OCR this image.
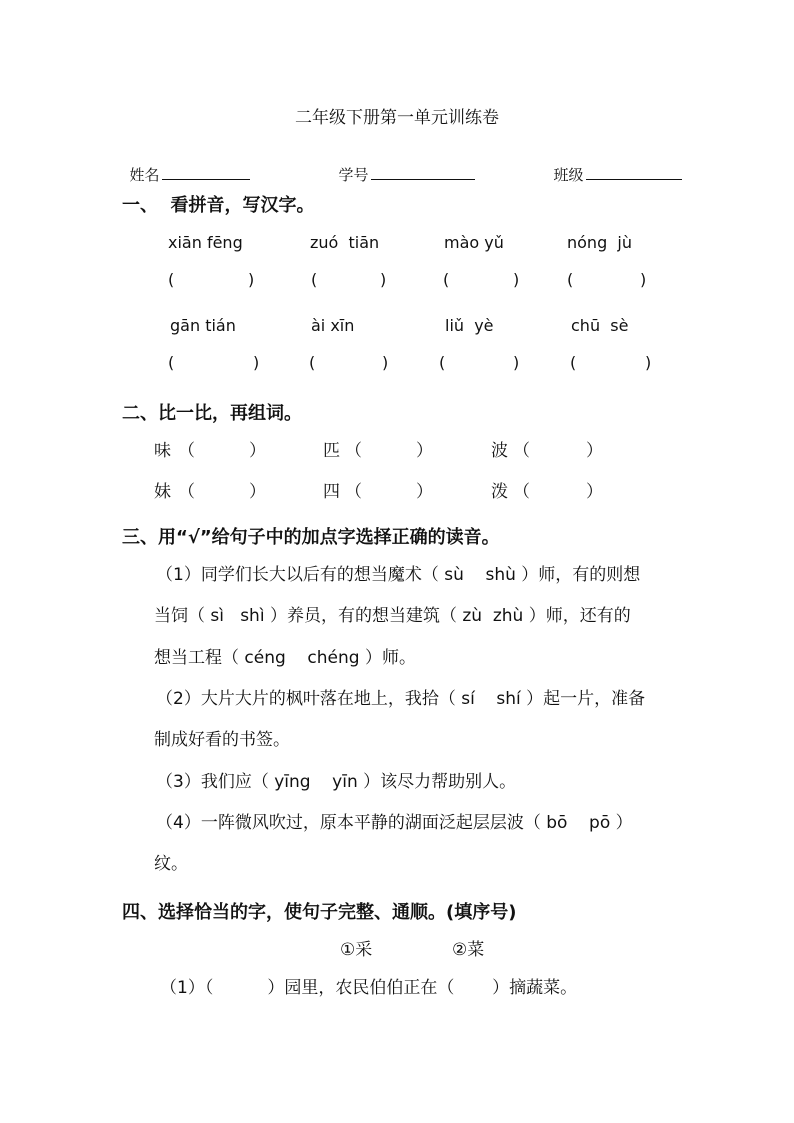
二年级下册第一单元训练卷

姓名	学号	班级

一、  看拼音，写汉字。
xiān fēng	zuó  tiān	mào yǔ	nóng  jù
(	)	(	)	(	)	(	)
gān tián	ài xīn	liǔ  yè	chū  sè
(	)	(	)	(	)	(	)
二、比一比，再组词。
味 （	）	匹 （	）	波 （	）
妹 （	）	四 （	）	泼 （	）
三、用“√”给句子中的加点字选择正确的读音。
（1）同学们长大以后有的想当魔术（ sù    shù ）师，有的则想
当饲（ sì   shì ）养员，有的想当建筑（ zù  zhù ）师，还有的
想当工程（ céng    chéng ）师。
（2）大片大片的枫叶落在地上，我拾（ sí    shí ）起一片，准备
制成好看的书签。
（3）我们应（ yīng    yīn ）该尽力帮助别人。
（4）一阵微风吹过，原本平静的湖面泛起层层波（ bō    pō ）
纹。
四、选择恰当的字，使句子完整、通顺。(填序号)
①采	②菜
（1）（          ）园里，农民伯伯正在（       ）摘蔬菜。
